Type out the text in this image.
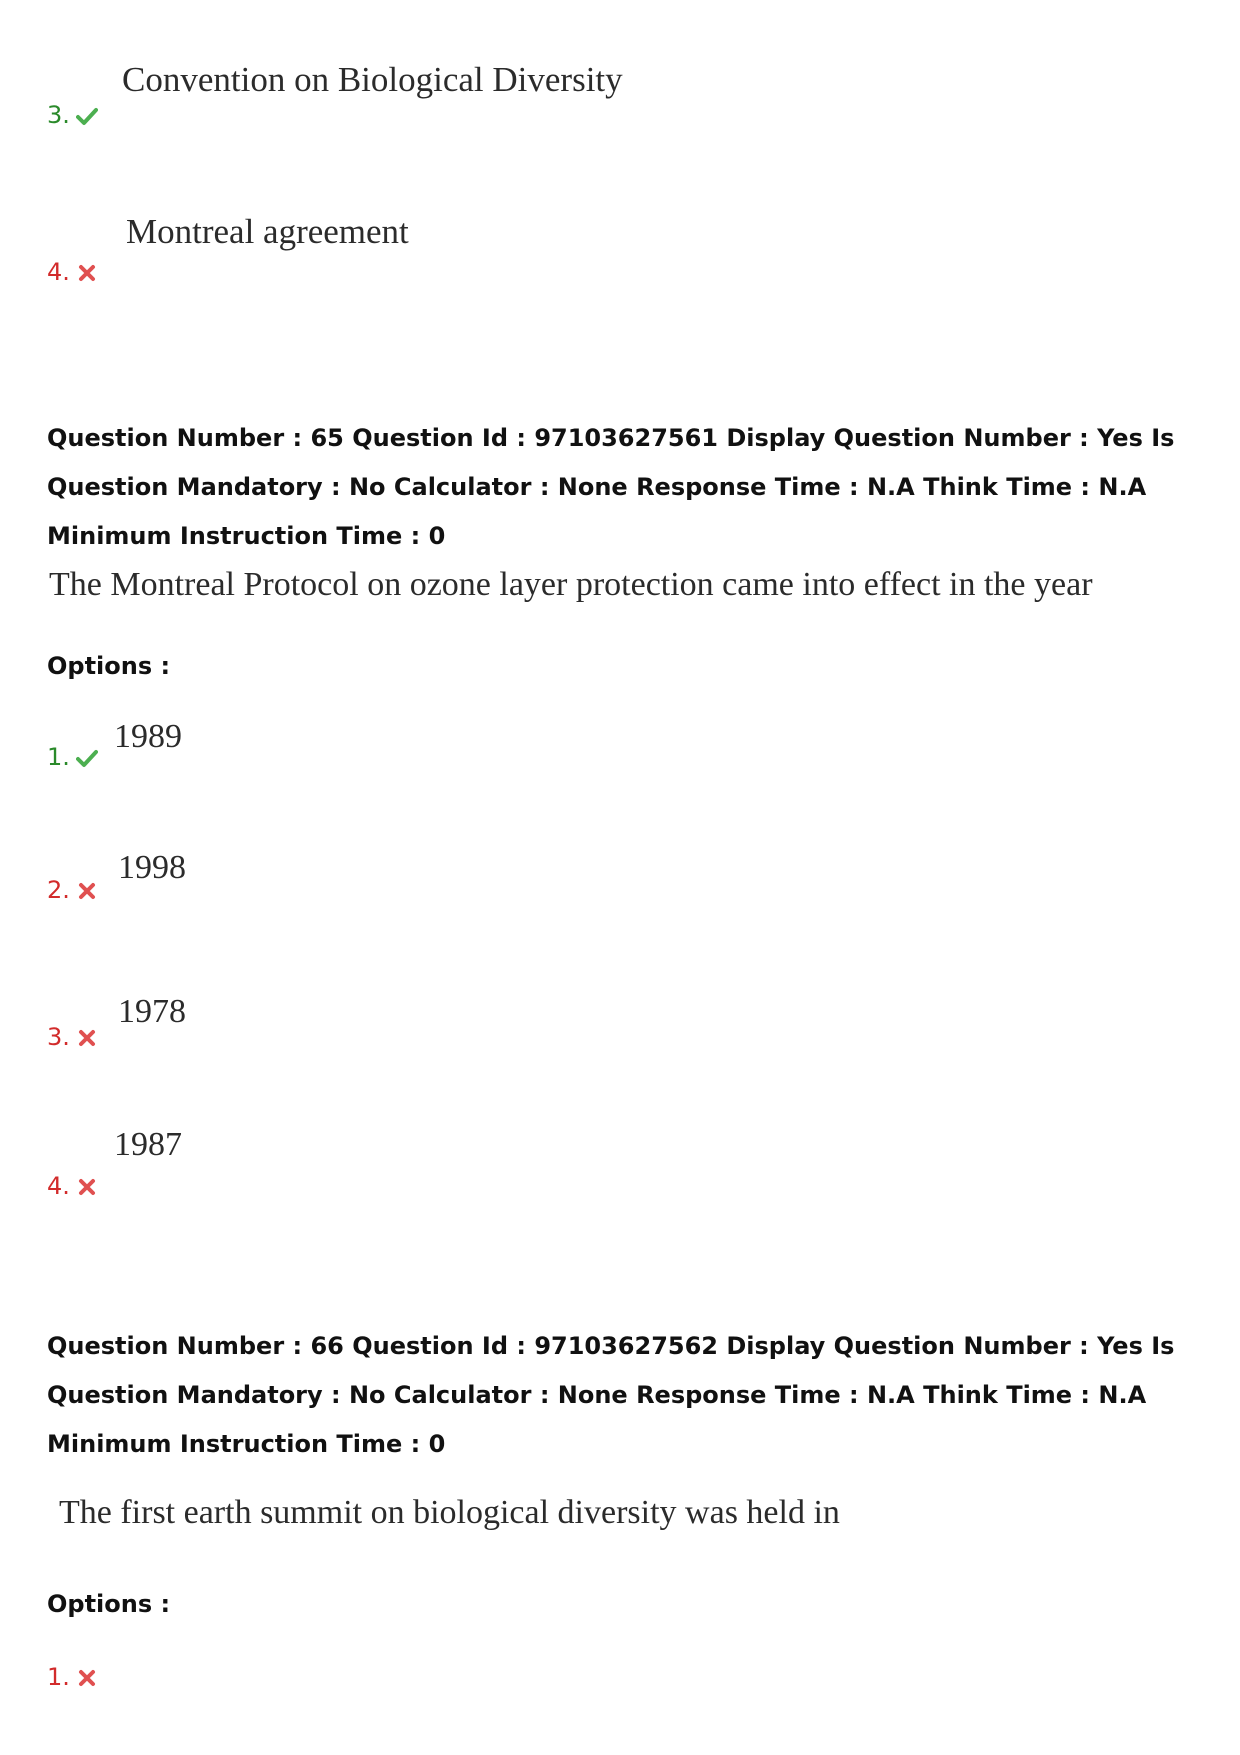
Convention on Biological Diversity
3.
Montreal agreement
4.
Question Number : 65 Question Id : 97103627561 Display Question Number : Yes Is Question Mandatory : No Calculator : None Response Time : N.A Think Time : N.A Minimum Instruction Time : 0
The Montreal Protocol on ozone layer protection came into effect in the year
Options :
1989
1.
1998
2.
1978
3.
1987
4.
Question Number : 66 Question Id : 97103627562 Display Question Number : Yes Is Question Mandatory : No Calculator : None Response Time : N.A Think Time : N.A Minimum Instruction Time : 0
The first earth summit on biological diversity was held in
Options :
1.
